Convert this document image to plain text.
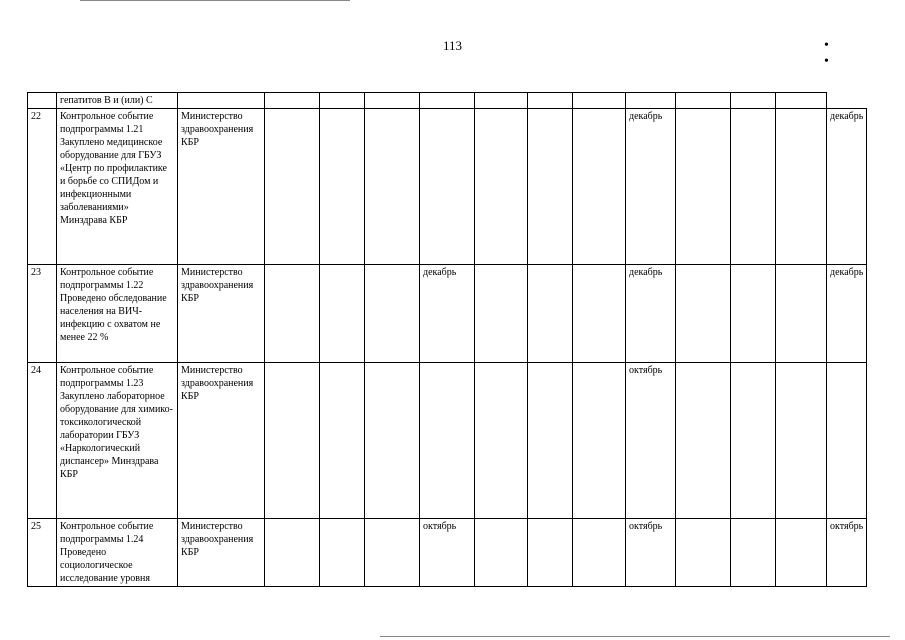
113	• •
	гепатитов В и (или) С													
22	Контрольное событие подпрограммы 1.21 Закуплено медицинское оборудование для ГБУЗ «Центр по профилактике и борьбе со СПИДом и инфекционными заболеваниями» Минздрава КБР	Министерство здравоохранения КБР								декабрь				декабрь
23	Контрольное событие подпрограммы 1.22 Проведено обследование населения на ВИЧ-инфекцию с охватом не менее 22 %	Министерство здравоохранения КБР				декабрь				декабрь				декабрь
24	Контрольное событие подпрограммы 1.23 Закуплено лабораторное оборудование для химико-токсикологической лаборатории ГБУЗ «Наркологический диспансер» Минздрава КБР	Министерство здравоохранения КБР								октябрь				
25	Контрольное событие подпрограммы 1.24 Проведено социологическое исследование уровня	Министерство здравоохранения КБР				октябрь				октябрь				октябрь
